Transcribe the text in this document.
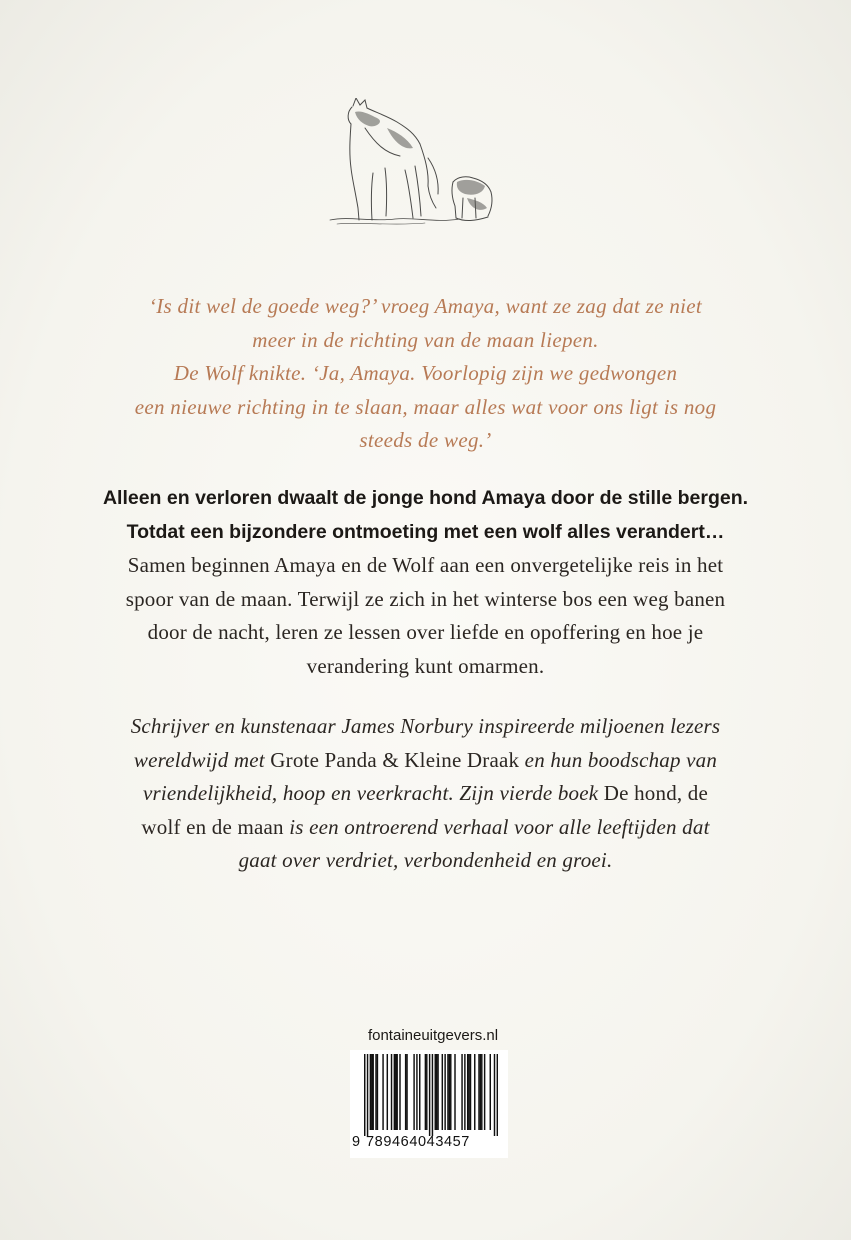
‘Is dit wel de goede weg?’ vroeg Amaya, want ze zag dat ze niet

meer in de richting van de maan liepen.

De Wolf knikte. ‘Ja, Amaya. Voorlopig zijn we gedwongen

een nieuwe richting in te slaan, maar alles wat voor ons ligt is nog

steeds de weg.’

Alleen en verloren dwaalt de jonge hond Amaya door de stille bergen.

Totdat een bijzondere ontmoeting met een wolf alles verandert…

Samen beginnen Amaya en de Wolf aan een onvergetelijke reis in het

spoor van de maan. Terwijl ze zich in het winterse bos een weg banen

door de nacht, leren ze lessen over liefde en opoffering en hoe je

verandering kunt omarmen.

Schrijver en kunstenaar James Norbury inspireerde miljoenen lezers
wereldwijd met Grote Panda & Kleine Draak en hun boodschap van
vriendelijkheid, hoop en veerkracht. Zijn vierde boek De hond, de
wolf en de maan is een ontroerend verhaal voor alle leeftijden dat
gaat over verdriet, verbondenheid en groei.
fontaineuitgevers.nl
9 789464043457
